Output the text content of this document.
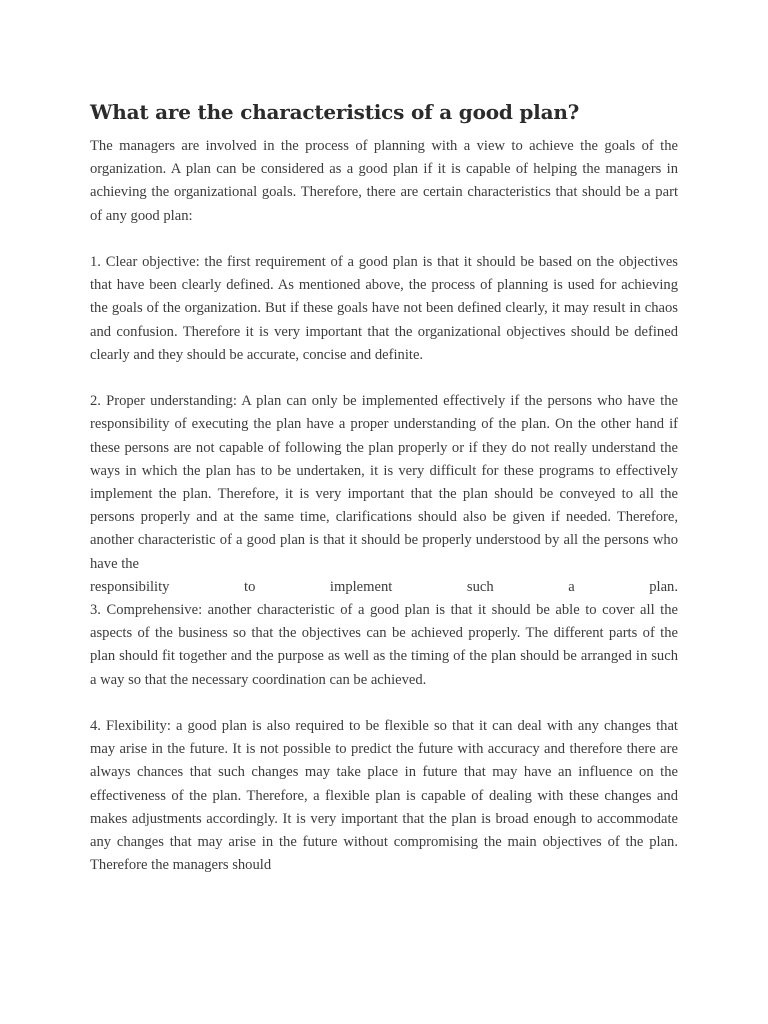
What are the characteristics of a good plan?

The managers are involved in the process of planning with a view to achieve the goals of the organization. A plan can be considered as a good plan if it is capable of helping the managers in achieving the organizational goals. Therefore, there are certain characteristics that should be a part of any good plan:

1. Clear objective: the first requirement of a good plan is that it should be based on the objectives that have been clearly defined. As mentioned above, the process of planning is used for achieving the goals of the organization. But if these goals have not been defined clearly, it may result in chaos and confusion. Therefore it is very important that the organizational objectives should be defined clearly and they should be accurate, concise and definite.

2. Proper understanding: A plan can only be implemented effectively if the persons who have the responsibility of executing the plan have a proper understanding of the plan. On the other hand if these persons are not capable of following the plan properly or if they do not really understand the ways in which the plan has to be undertaken, it is very difficult for these programs to effectively implement the plan. Therefore, it is very important that the plan should be conveyed to all the persons properly and at the same time, clarifications should also be given if needed. Therefore, another characteristic of a good plan is that it should be properly understood by all the persons who have the

responsibility to implement such a plan.

3. Comprehensive: another characteristic of a good plan is that it should be able to cover all the aspects of the business so that the objectives can be achieved properly. The different parts of the plan should fit together and the purpose as well as the timing of the plan should be arranged in such a way so that the necessary coordination can be achieved.

4. Flexibility: a good plan is also required to be flexible so that it can deal with any changes that may arise in the future. It is not possible to predict the future with accuracy and therefore there are always chances that such changes may take place in future that may have an influence on the effectiveness of the plan. Therefore, a flexible plan is capable of dealing with these changes and makes adjustments accordingly. It is very important that the plan is broad enough to accommodate any changes that may arise in the future without compromising the main objectives of the plan. Therefore the managers should
